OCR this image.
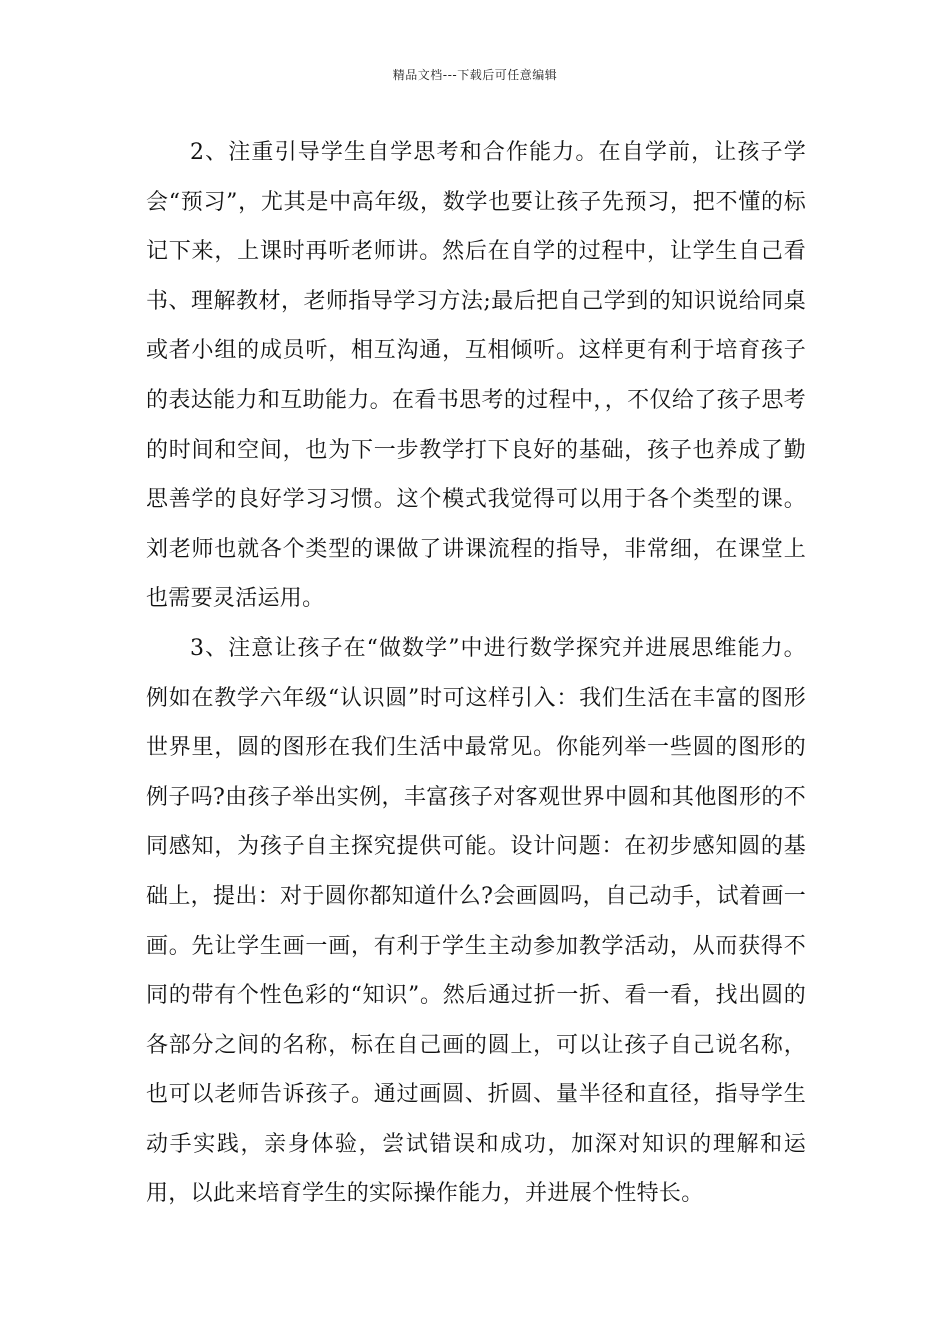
精品文档---下载后可任意编辑

2、注重引导学生自学思考和合作能力。在自学前，让孩子学会“预习”，尤其是中高年级，数学也要让孩子先预习，把不懂的标记下来，上课时再听老师讲。然后在自学的过程中，让学生自己看书、理解教材，老师指导学习方法;最后把自己学到的知识说给同桌或者小组的成员听，相互沟通，互相倾听。这样更有利于培育孩子的表达能力和互助能力。在看书思考的过程中，，不仅给了孩子思考的时间和空间，也为下一步教学打下良好的基础，孩子也养成了勤思善学的良好学习习惯。这个模式我觉得可以用于各个类型的课。刘老师也就各个类型的课做了讲课流程的指导，非常细，在课堂上也需要灵活运用。

3、注意让孩子在“做数学”中进行数学探究并进展思维能力。例如在教学六年级“认识圆”时可这样引入：我们生活在丰富的图形世界里，圆的图形在我们生活中最常见。你能列举一些圆的图形的例子吗?由孩子举出实例，丰富孩子对客观世界中圆和其他图形的不同感知，为孩子自主探究提供可能。设计问题：在初步感知圆的基础上，提出：对于圆你都知道什么?会画圆吗，自己动手，试着画一画。先让学生画一画，有利于学生主动参加教学活动，从而获得不同的带有个性色彩的“知识”。然后通过折一折、看一看，找出圆的各部分之间的名称，标在自己画的圆上，可以让孩子自己说名称，也可以老师告诉孩子。通过画圆、折圆、量半径和直径，指导学生动手实践，亲身体验，尝试错误和成功，加深对知识的理解和运用，以此来培育学生的实际操作能力，并进展个性特长。
